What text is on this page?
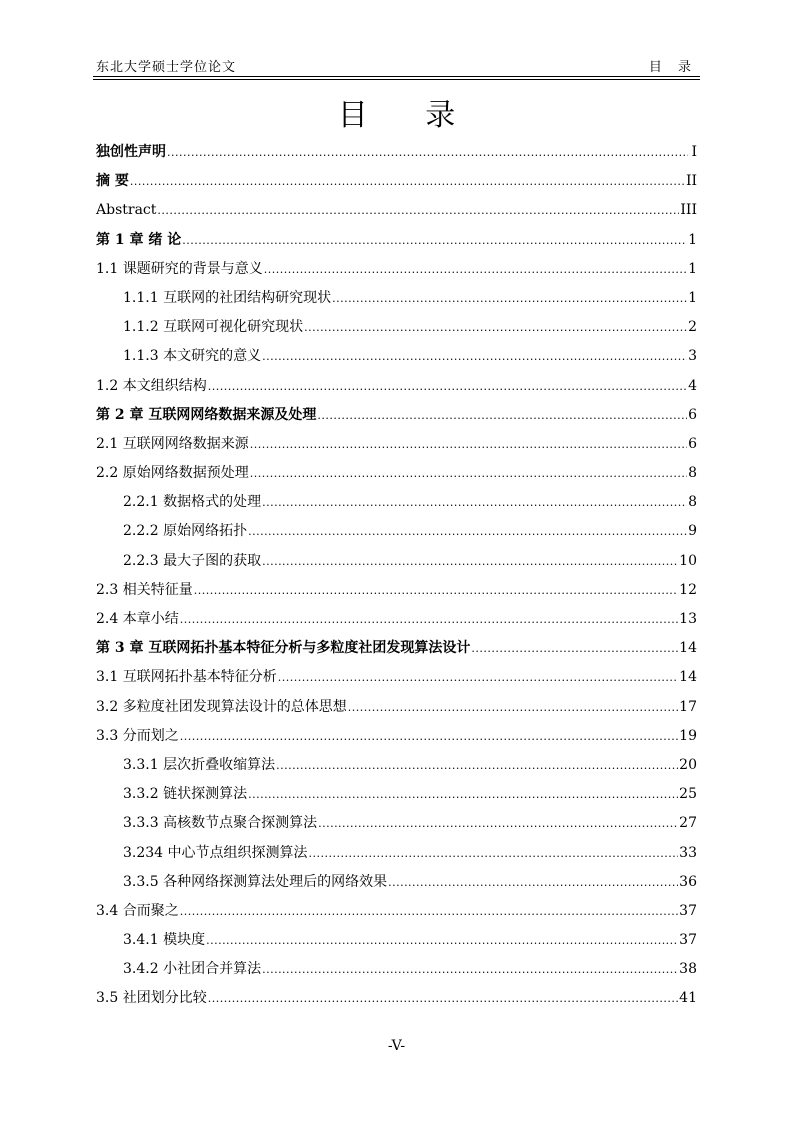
东北大学硕士学位论文	目 录
目 录
独创性声明 .....	I
摘 要 .....	II
Abstract .....	III
第 1 章 绪 论 .....	1
1.1 课题研究的背景与意义 .....	1
1.1.1 互联网的社团结构研究现状 .....	1
1.1.2 互联网可视化研究现状 .....	2
1.1.3 本文研究的意义 .....	3
1.2 本文组织结构 .....	4
第 2 章 互联网网络数据来源及处理 .....	6
2.1 互联网网络数据来源 .....	6
2.2 原始网络数据预处理 .....	8
2.2.1 数据格式的处理 .....	8
2.2.2 原始网络拓扑 .....	9
2.2.3 最大子图的获取 .....	10
2.3 相关特征量 .....	12
2.4 本章小结 .....	13
第 3 章 互联网拓扑基本特征分析与多粒度社团发现算法设计 .....	14
3.1 互联网拓扑基本特征分析 .....	14
3.2 多粒度社团发现算法设计的总体思想 .....	17
3.3 分而划之 .....	19
3.3.1 层次折叠收缩算法 .....	20
3.3.2 链状探测算法 .....	25
3.3.3 高核数节点聚合探测算法 .....	27
3.234 中心节点组织探测算法 .....	33
3.3.5 各种网络探测算法处理后的网络效果 .....	36
3.4 合而聚之 .....	37
3.4.1 模块度 .....	37
3.4.2 小社团合并算法 .....	38
3.5 社团划分比较 .....	41
-V-
